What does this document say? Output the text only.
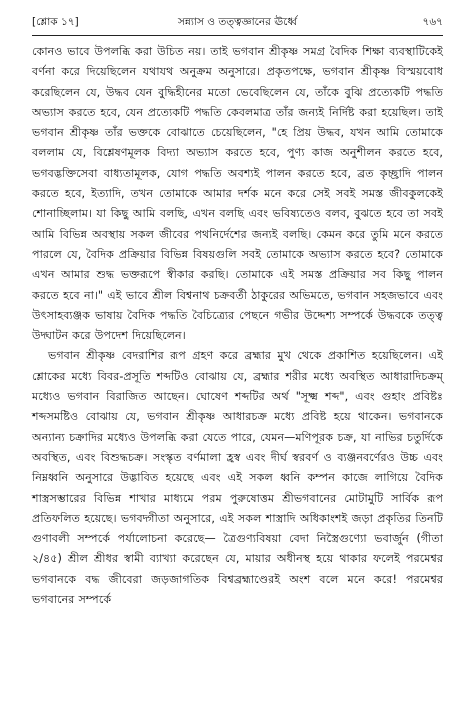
[শ্লোক ১৭]	সন্ন্যাস ও তত্ত্বজ্ঞানের ঊর্ধ্বে	৭৬৭

কোনও ভাবে উপলব্ধি করা উচিত নয়। তাই ভগবান শ্রীকৃষ্ণ সমগ্র বৈদিক শিক্ষা ব্যবস্থাটিকেই বর্ণনা করে দিয়েছিলেন যথাযথ অনুক্রম অনুসারে। প্রকৃতপক্ষে, ভগবান শ্রীকৃষ্ণ বিস্ময়বোধ করেছিলেন যে, উদ্ধব যেন বুদ্ধিহীনের মতো ভেবেছিলেন যে, তাঁকে বুঝি প্রত্যেকটি পদ্ধতি অভ্যাস করতে হবে, যেন প্রত্যেকটি পদ্ধতি কেবলমাত্র তাঁর জন্যই নির্দিষ্ট করা হয়েছিল। তাই ভগবান শ্রীকৃষ্ণ তাঁর ভক্তকে বোঝাতে চেয়েছিলেন, "হে প্রিয় উদ্ধব, যখন আমি তোমাকে বললাম যে, বিশ্লেষণমূলক বিদ্যা অভ্যাস করতে হবে, পুণ্য কাজ অনুশীলন করতে হবে, ভগবদ্ভক্তিসেবা বাধ্যতামূলক, যোগ পদ্ধতি অবশ্যই পালন করতে হবে, ব্রত কৃচ্ছ্রাদি পালন করতে হবে, ইত্যাদি, তখন তোমাকে আমার দর্শক মনে করে সেই সবই সমস্ত জীবকুলকেই শোনাচ্ছিলাম। যা কিছু আমি বলছি, এখন বলছি এবং ভবিষ্যতেও বলব, বুঝতে হবে তা সবই আমি বিভিন্ন অবস্থায় সকল জীবের পথনির্দেশের জন্যই বলছি। কেমন করে তুমি মনে করতে পারলে যে, বৈদিক প্রক্রিয়ার বিভিন্ন বিষয়গুলি সবই তোমাকে অভ্যাস করতে হবে? তোমাকে এখন আমার শুদ্ধ ভক্তরূপে স্বীকার করছি। তোমাকে এই সমস্ত প্রক্রিয়ার সব কিছু পালন করতে হবে না।" এই ভাবে শ্রীল বিশ্বনাথ চক্রবর্তী ঠাকুরের অভিমতে, ভগবান সহজভাবে এবং উৎসাহব্যঞ্জক ভাষায় বৈদিক পদ্ধতি বৈচিত্র্যের পেছনে গভীর উদ্দেশ্য সম্পর্কে উদ্ধবকে তত্ত্ব উদ্ঘাটন করে উপদেশ দিয়েছিলেন।

ভগবান শ্রীকৃষ্ণ বেদরাশির রূপ গ্রহণ করে ব্রহ্মার মুখ থেকে প্রকাশিত হয়েছিলেন। এই শ্লোকের মধ্যে বিবর-প্রসূতি শব্দটিও বোঝায় যে, ব্রহ্মার শরীর মধ্যে অবস্থিত আধারাদিচক্রম্ মধ্যেও ভগবান বিরাজিত আছেন। ঘোষেণ শব্দটির অর্থ "সূক্ষ্ম শব্দ", এবং গুহাং প্রবিষ্টঃ শব্দসমষ্টিও বোঝায় যে, ভগবান শ্রীকৃষ্ণ আধারচক্র মধ্যে প্রবিষ্ট হয়ে থাকেন। ভগবানকে অন্যান্য চক্রাদির মধ্যেও উপলব্ধি করা যেতে পারে, যেমন—মণিপূরক চক্র, যা নাভির চতুর্দিকে অবস্থিত, এবং বিশুদ্ধচক্র। সংস্কৃত বর্ণমালা হ্রস্ব এবং দীর্ঘ স্বরবর্ণ ও ব্যঞ্জনবর্ণেরও উচ্চ এবং নিম্নধ্বনি অনুসারে উদ্ভাবিত হয়েছে এবং এই সকল ধ্বনি কম্পন কাজে লাগিয়ে বৈদিক শাস্ত্রসম্ভারের বিভিন্ন শাখার মাধ্যমে পরম পুরুষোত্তম শ্রীভগবানের মোটামুটি সার্বিক রূপ প্রতিফলিত হয়েছে। ভগবদ্গীতা অনুসারে, এই সকল শাস্ত্রাদি অধিকাংশই জড়া প্রকৃতির তিনটি গুণাবলী সম্পর্কে পর্যালোচনা করেছে— ত্রৈগুণ্যবিষয়া বেদা নিস্ত্রৈগুণ্যো ভবার্জুন (গীতা ২/৪৫) শ্রীল শ্রীধর স্বামী ব্যাখ্যা করেছেন যে, মায়ার অধীনস্থ হয়ে থাকার ফলেই পরমেশ্বর ভগবানকে বদ্ধ জীবেরা জড়জাগতিক বিশ্বব্রহ্মাণ্ডেরই অংশ বলে মনে করে! পরমেশ্বর ভগবানের সম্পর্কে
